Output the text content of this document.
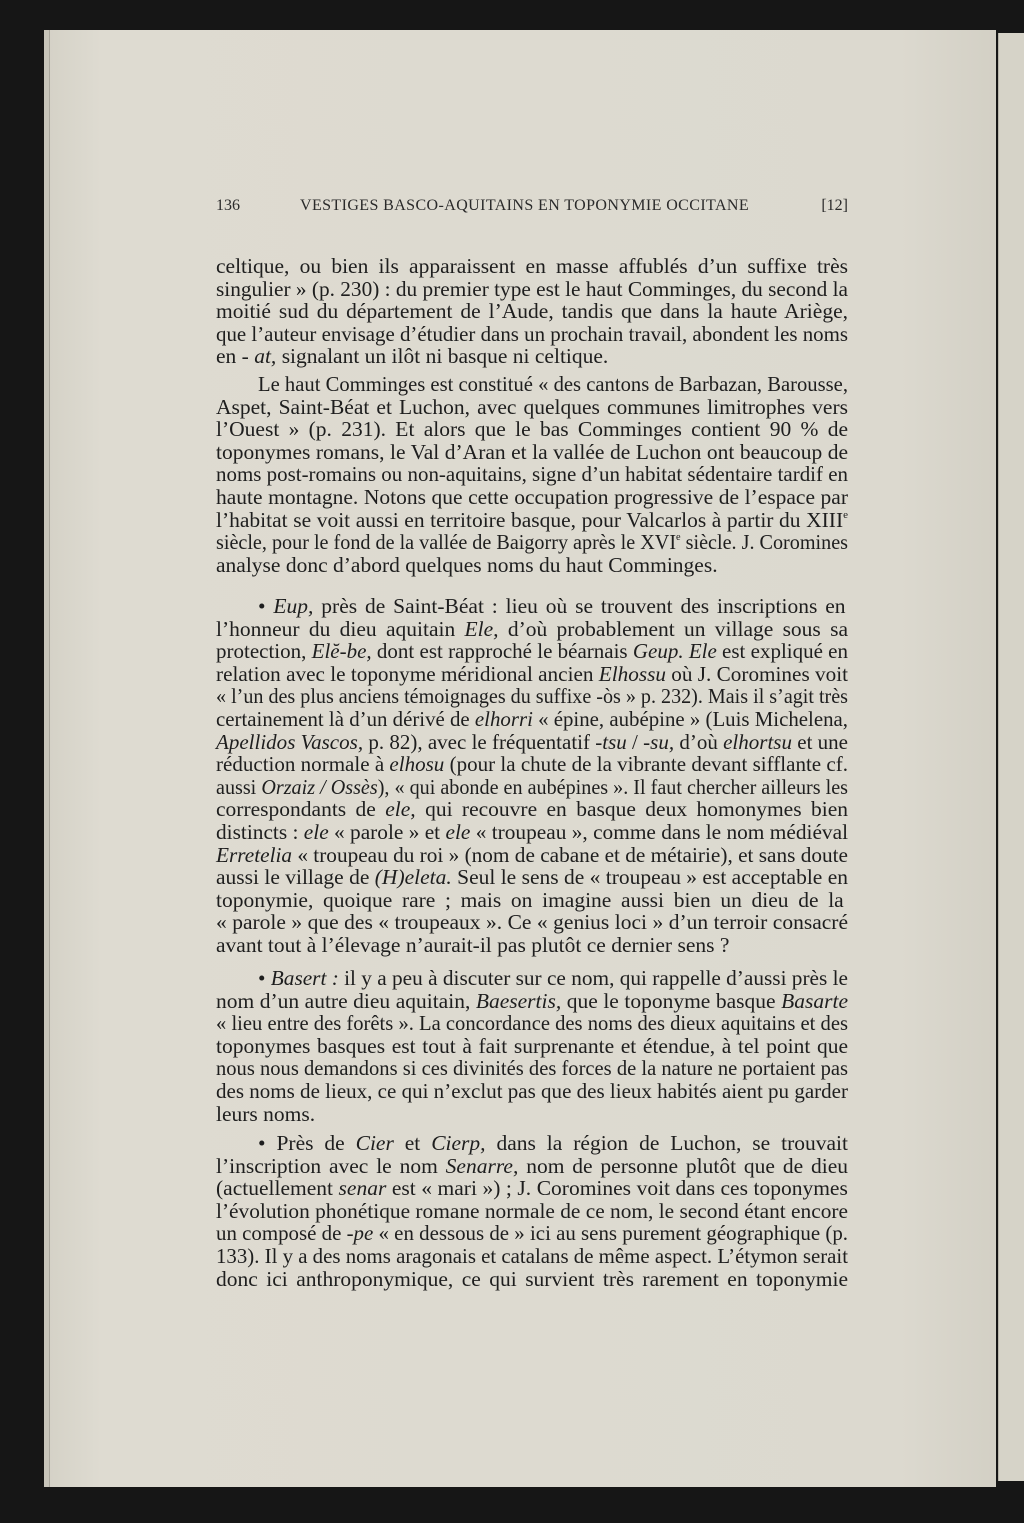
136	VESTIGES BASCO-AQUITAINS EN TOPONYMIE OCCITANE	[12]
celtique, ou bien ils apparaissent en masse affublés d’un suffixe très
singulier » (p. 230) : du premier type est le haut Comminges, du second la
moitié sud du département de l’Aude, tandis que dans la haute Ariège,
que l’auteur envisage d’étudier dans un prochain travail, abondent les noms
en - at, signalant un ilôt ni basque ni celtique.
Le haut Comminges est constitué « des cantons de Barbazan, Barousse,
Aspet, Saint-Béat et Luchon, avec quelques communes limitrophes vers
l’Ouest » (p. 231). Et alors que le bas Comminges contient 90 % de
toponymes romans, le Val d’Aran et la vallée de Luchon ont beaucoup de
noms post-romains ou non-aquitains, signe d’un habitat sédentaire tardif en
haute montagne. Notons que cette occupation progressive de l’espace par
l’habitat se voit aussi en territoire basque, pour Valcarlos à partir du XIIIe
siècle, pour le fond de la vallée de Baigorry après le XVIe siècle. J. Coromines
analyse donc d’abord quelques noms du haut Comminges.
• Eup, près de Saint-Béat : lieu où se trouvent des inscriptions en
l’honneur du dieu aquitain Ele, d’où probablement un village sous sa
protection, Elĕ-be, dont est rapproché le béarnais Geup. Ele est expliqué en
relation avec le toponyme méridional ancien Elhossu où J. Coromines voit
« l’un des plus anciens témoignages du suffixe -òs » p. 232). Mais il s’agit très
certainement là d’un dérivé de elhorri « épine, aubépine » (Luis Michelena,
Apellidos Vascos, p. 82), avec le fréquentatif -tsu / -su, d’où elhortsu et une
réduction normale à elhosu (pour la chute de la vibrante devant sifflante cf.
aussi Orzaiz / Ossès), « qui abonde en aubépines ». Il faut chercher ailleurs les
correspondants de ele, qui recouvre en basque deux homonymes bien
distincts : ele « parole » et ele « troupeau », comme dans le nom médiéval
Erretelia « troupeau du roi » (nom de cabane et de métairie), et sans doute
aussi le village de (H)eleta. Seul le sens de « troupeau » est acceptable en
toponymie, quoique rare ; mais on imagine aussi bien un dieu de la
« parole » que des « troupeaux ». Ce « genius loci » d’un terroir consacré
avant tout à l’élevage n’aurait-il pas plutôt ce dernier sens ?
• Basert : il y a peu à discuter sur ce nom, qui rappelle d’aussi près le
nom d’un autre dieu aquitain, Baesertis, que le toponyme basque Basarte
« lieu entre des forêts ». La concordance des noms des dieux aquitains et des
toponymes basques est tout à fait surprenante et étendue, à tel point que
nous nous demandons si ces divinités des forces de la nature ne portaient pas
des noms de lieux, ce qui n’exclut pas que des lieux habités aient pu garder
leurs noms.
• Près de Cier et Cierp, dans la région de Luchon, se trouvait
l’inscription avec le nom Senarre, nom de personne plutôt que de dieu
(actuellement senar est « mari ») ; J. Coromines voit dans ces toponymes
l’évolution phonétique romane normale de ce nom, le second étant encore
un composé de -pe « en dessous de » ici au sens purement géographique (p.
133). Il y a des noms aragonais et catalans de même aspect. L’étymon serait
donc ici anthroponymique, ce qui survient très rarement en toponymie
